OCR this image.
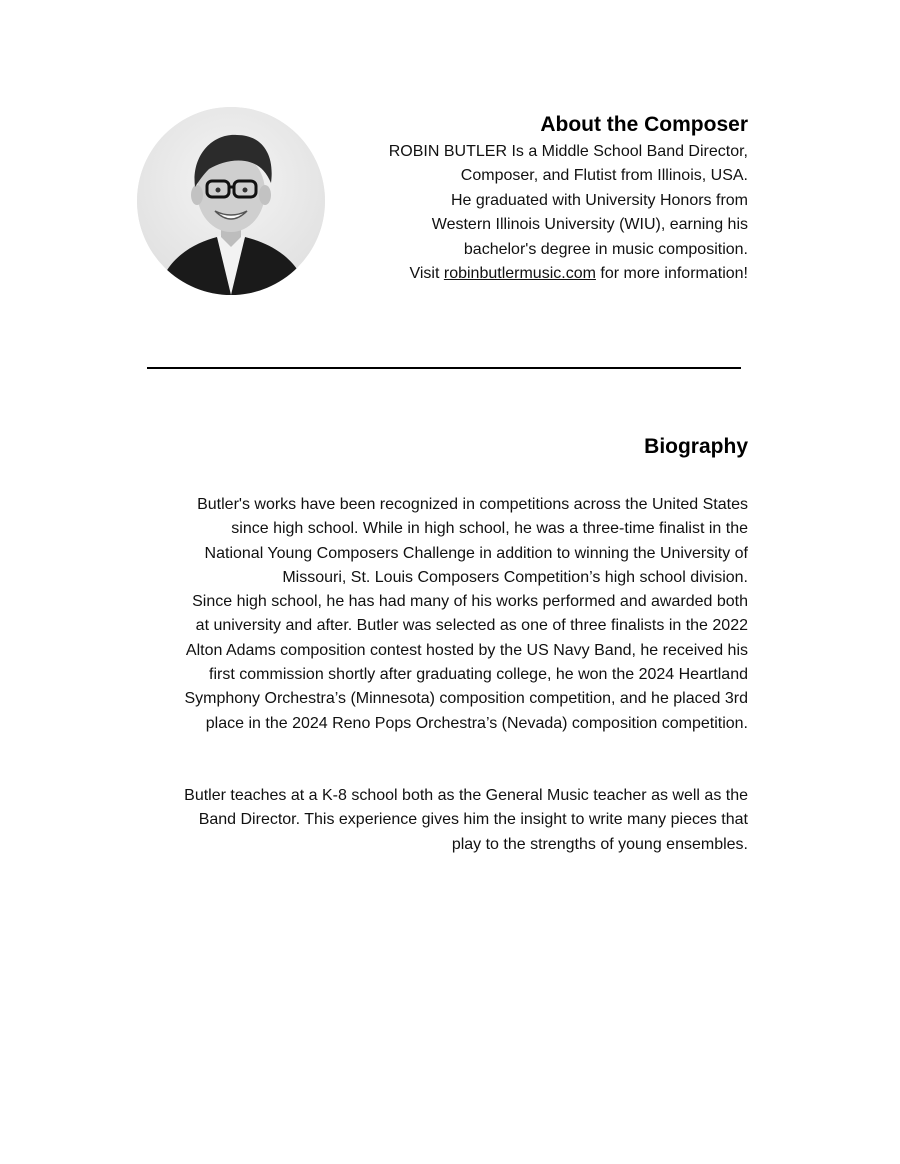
About the Composer
ROBIN BUTLER Is a Middle School Band Director,
Composer, and Flutist from Illinois, USA.
He graduated with University Honors from
Western Illinois University (WIU), earning his
bachelor's degree in music composition.
Visit robinbutlermusic.com for more information!
Biography
Butler's works have been recognized in competitions across the United States
since high school. While in high school, he was a three-time finalist in the
National Young Composers Challenge in addition to winning the University of
Missouri, St. Louis Composers Competition’s high school division.
Since high school, he has had many of his works performed and awarded both
at university and after. Butler was selected as one of three finalists in the 2022
Alton Adams composition contest hosted by the US Navy Band, he received his
first commission shortly after graduating college, he won the 2024 Heartland
Symphony Orchestra’s (Minnesota) composition competition, and he placed 3rd
place in the 2024 Reno Pops Orchestra’s (Nevada) composition competition.
Butler teaches at a K-8 school both as the General Music teacher as well as the
Band Director. This experience gives him the insight to write many pieces that
play to the strengths of young ensembles.
